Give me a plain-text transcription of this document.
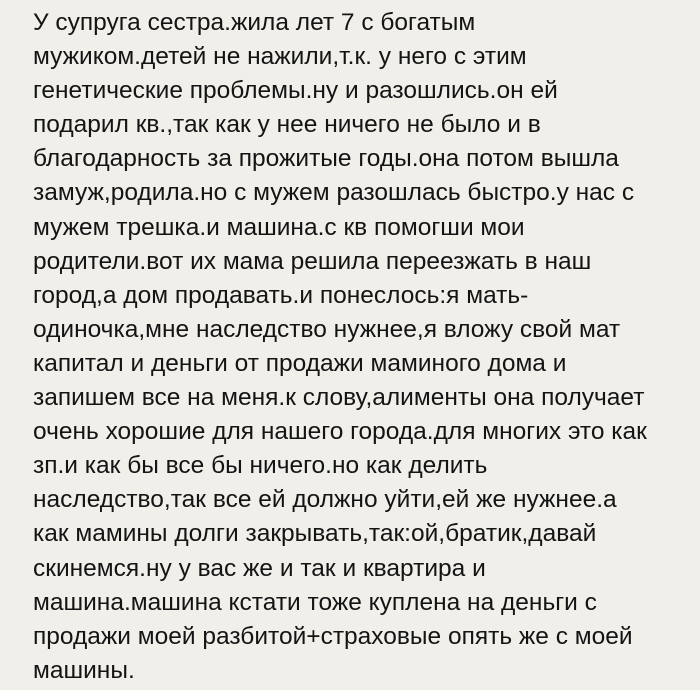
У супруга сестра.жила лет 7 с богатым
мужиком.детей не нажили,т.к. у него с этим
генетические проблемы.ну и разошлись.он ей
подарил кв.,так как у нее ничего не было и в
благодарность за прожитые годы.она потом вышла
замуж,родила.но с мужем разошлась быстро.у нас с
мужем трешка.и машина.с кв помогши мои
родители.вот их мама решила переезжать в наш
город,а дом продавать.и понеслось:я мать-
одиночка,мне наследство нужнее,я вложу свой мат
капитал и деньги от продажи маминого дома и
запишем все на меня.к слову,алименты она получает
очень хорошие для нашего города.для многих это как
зп.и как бы все бы ничего.но как делить
наследство,так все ей должно уйти,ей же нужнее.а
как мамины долги закрывать,так:ой,братик,давай
скинемся.ну у вас же и так и квартира и
машина.машина кстати тоже куплена на деньги с
продажи моей разбитой+страховые опять же с моей
машины.
